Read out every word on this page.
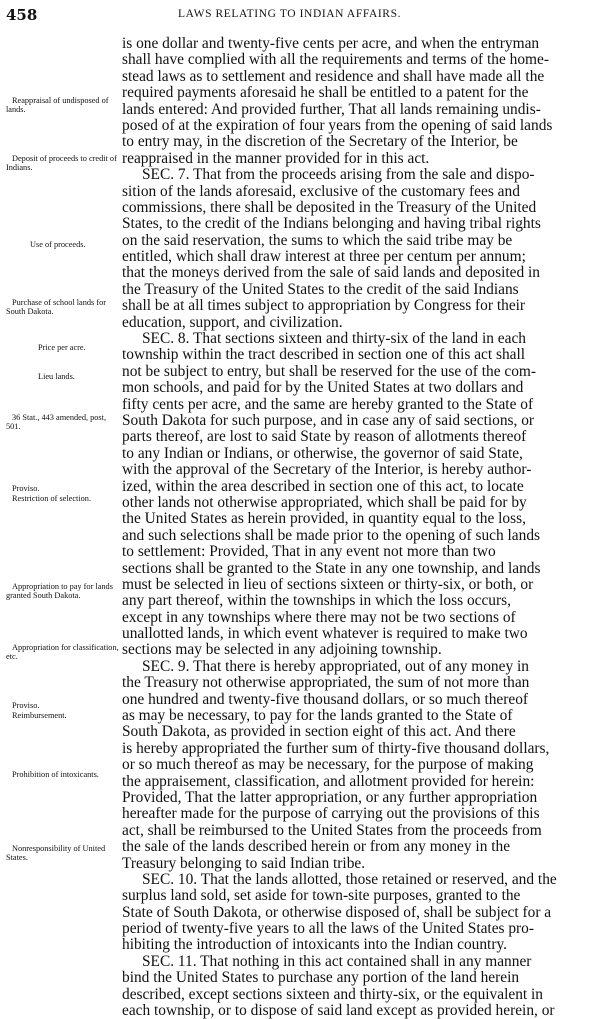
458	LAWS RELATING TO INDIAN AFFAIRS.
Reappraisal of undisposed of lands.
Deposit of proceeds to credit of Indians.
Use of proceeds.
Purchase of school lands for South Dakota.
Price per acre.
Lieu lands.
36 Stat., 443 amended, post, 501.
Proviso.
Restriction of selection.
Appropriation to pay for lands granted South Dakota.
Appropriation for classification, etc.
Proviso.
Reimbursement.
Prohibition of intoxicants.
Nonresponsibility of United States.
is one dollar and twenty-five cents per acre, and when the entryman
shall have complied with all the requirements and terms of the home-
stead laws as to settlement and residence and shall have made all the
required payments aforesaid he shall be entitled to a patent for the
lands entered: And provided further, That all lands remaining undis-
posed of at the expiration of four years from the opening of said lands
to entry may, in the discretion of the Secretary of the Interior, be
reappraised in the manner provided for in this act.
SEC. 7. That from the proceeds arising from the sale and dispo-
sition of the lands aforesaid, exclusive of the customary fees and
commissions, there shall be deposited in the Treasury of the United
States, to the credit of the Indians belonging and having tribal rights
on the said reservation, the sums to which the said tribe may be
entitled, which shall draw interest at three per centum per annum;
that the moneys derived from the sale of said lands and deposited in
the Treasury of the United States to the credit of the said Indians
shall be at all times subject to appropriation by Congress for their
education, support, and civilization.
SEC. 8. That sections sixteen and thirty-six of the land in each
township within the tract described in section one of this act shall
not be subject to entry, but shall be reserved for the use of the com-
mon schools, and paid for by the United States at two dollars and
fifty cents per acre, and the same are hereby granted to the State of
South Dakota for such purpose, and in case any of said sections, or
parts thereof, are lost to said State by reason of allotments thereof
to any Indian or Indians, or otherwise, the governor of said State,
with the approval of the Secretary of the Interior, is hereby author-
ized, within the area described in section one of this act, to locate
other lands not otherwise appropriated, which shall be paid for by
the United States as herein provided, in quantity equal to the loss,
and such selections shall be made prior to the opening of such lands
to settlement: Provided, That in any event not more than two
sections shall be granted to the State in any one township, and lands
must be selected in lieu of sections sixteen or thirty-six, or both, or
any part thereof, within the townships in which the loss occurs,
except in any townships where there may not be two sections of
unallotted lands, in which event whatever is required to make two
sections may be selected in any adjoining township.
SEC. 9. That there is hereby appropriated, out of any money in
the Treasury not otherwise appropriated, the sum of not more than
one hundred and twenty-five thousand dollars, or so much thereof
as may be necessary, to pay for the lands granted to the State of
South Dakota, as provided in section eight of this act. And there
is hereby appropriated the further sum of thirty-five thousand dollars,
or so much thereof as may be necessary, for the purpose of making
the appraisement, classification, and allotment provided for herein:
Provided, That the latter appropriation, or any further appropriation
hereafter made for the purpose of carrying out the provisions of this
act, shall be reimbursed to the United States from the proceeds from
the sale of the lands described herein or from any money in the
Treasury belonging to said Indian tribe.
SEC. 10. That the lands allotted, those retained or reserved, and the
surplus land sold, set aside for town-site purposes, granted to the
State of South Dakota, or otherwise disposed of, shall be subject for a
period of twenty-five years to all the laws of the United States pro-
hibiting the introduction of intoxicants into the Indian country.
SEC. 11. That nothing in this act contained shall in any manner
bind the United States to purchase any portion of the land herein
described, except sections sixteen and thirty-six, or the equivalent in
each township, or to dispose of said land except as provided herein, or
